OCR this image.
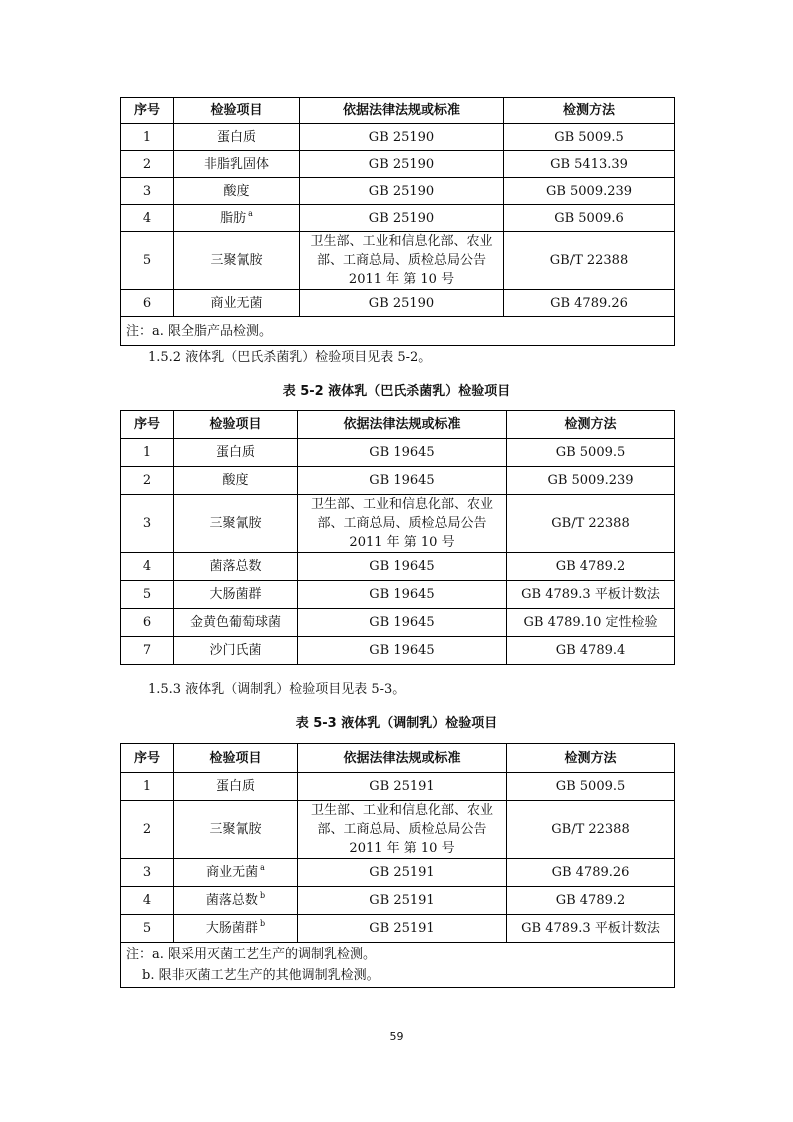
序号	检验项目	依据法律法规或标准	检测方法
1	蛋白质	GB 25190	GB 5009.5
2	非脂乳固体	GB 25190	GB 5413.39
3	酸度	GB 25190	GB 5009.239
4	脂肪 $^a$	GB 25190	GB 5009.6
5	三聚氰胺	卫生部、工业和信息化部、农业部、工商总局、质检总局公告 2011 年 第 10 号	GB/T 22388
6	商业无菌	GB 25190	GB 4789.26

注：a. 限全脂产品检测。			
1.5.2 液体乳（巴氏杀菌乳）检验项目见表 5-2。
表 5-2 液体乳（巴氏杀菌乳）检验项目
序号	检验项目	依据法律法规或标准	检测方法
1	蛋白质	GB 19645	GB 5009.5
2	酸度	GB 19645	GB 5009.239
3	三聚氰胺	卫生部、工业和信息化部、农业部、工商总局、质检总局公告 2011 年 第 10 号	GB/T 22388
4	菌落总数	GB 19645	GB 4789.2
5	大肠菌群	GB 19645	GB 4789.3 平板计数法
6	金黄色葡萄球菌	GB 19645	GB 4789.10 定性检验
7	沙门氏菌	GB 19645	GB 4789.4
1.5.3 液体乳（调制乳）检验项目见表 5-3。
表 5-3 液体乳（调制乳）检验项目
序号	检验项目	依据法律法规或标准	检测方法
1	蛋白质	GB 25191	GB 5009.5
2	三聚氰胺	卫生部、工业和信息化部、农业部、工商总局、质检总局公告 2011 年 第 10 号	GB/T 22388
3	商业无菌 $^a$	GB 25191	GB 4789.26
4	菌落总数 $^b$	GB 25191	GB 4789.2
5	大肠菌群 $^b$	GB 25191	GB 4789.3 平板计数法

注：a. 限采用灭菌工艺生产的调制乳检测。
b. 限非灭菌工艺生产的其他调制乳检测。			
59
